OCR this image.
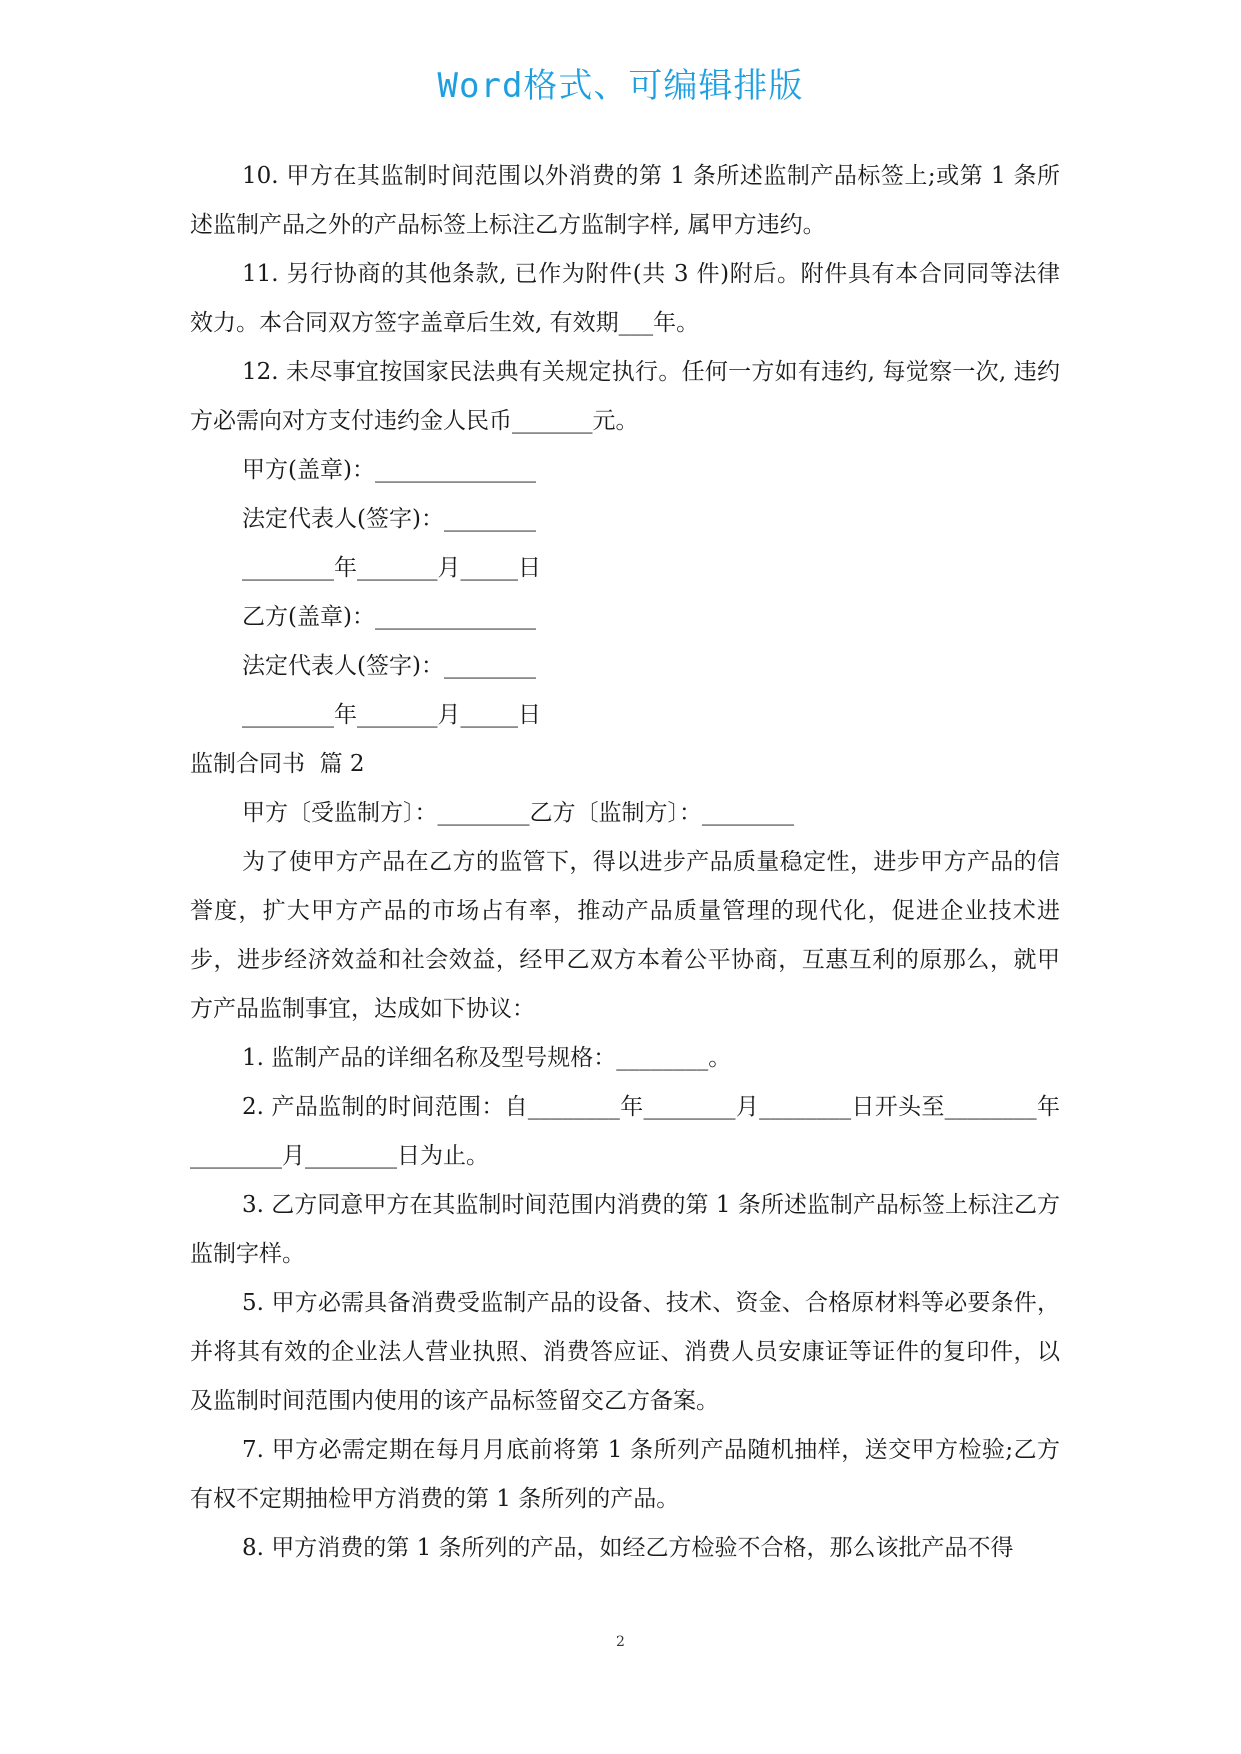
Word格式、可编辑排版

10. 甲方在其监制时间范围以外消费的第 1 条所述监制产品标签上;或第 1 条所述监制产品之外的产品标签上标注乙方监制字样, 属甲方违约。

11. 另行协商的其他条款, 已作为附件(共 3 件)附后。附件具有本合同同等法律效力。本合同双方签字盖章后生效, 有效期___年。

12. 未尽事宜按国家民法典有关规定执行。任何一方如有违约, 每觉察一次, 违约方必需向对方支付违约金人民币_______元。

甲方(盖章)：______________

法定代表人(签字)：________

________年_______月_____日

乙方(盖章)：______________

法定代表人(签字)：________

________年_______月_____日

监制合同书  篇 2

甲方〔受监制方〕：________乙方〔监制方〕：________

为了使甲方产品在乙方的监管下，得以进步产品质量稳定性，进步甲方产品的信誉度，扩大甲方产品的市场占有率，推动产品质量管理的现代化，促进企业技术进步，进步经济效益和社会效益，经甲乙双方本着公平协商，互惠互利的原那么，就甲方产品监制事宜，达成如下协议：

1. 监制产品的详细名称及型号规格：________。

2. 产品监制的时间范围：自________年________月________日开头至________年________月________日为止。

3. 乙方同意甲方在其监制时间范围内消费的第 1 条所述监制产品标签上标注乙方监制字样。

5. 甲方必需具备消费受监制产品的设备、技术、资金、合格原材料等必要条件，并将其有效的企业法人营业执照、消费答应证、消费人员安康证等证件的复印件，以及监制时间范围内使用的该产品标签留交乙方备案。

7. 甲方必需定期在每月月底前将第 1 条所列产品随机抽样，送交甲方检验;乙方有权不定期抽检甲方消费的第 1 条所列的产品。

8. 甲方消费的第 1 条所列的产品，如经乙方检验不合格，那么该批产品不得

2
